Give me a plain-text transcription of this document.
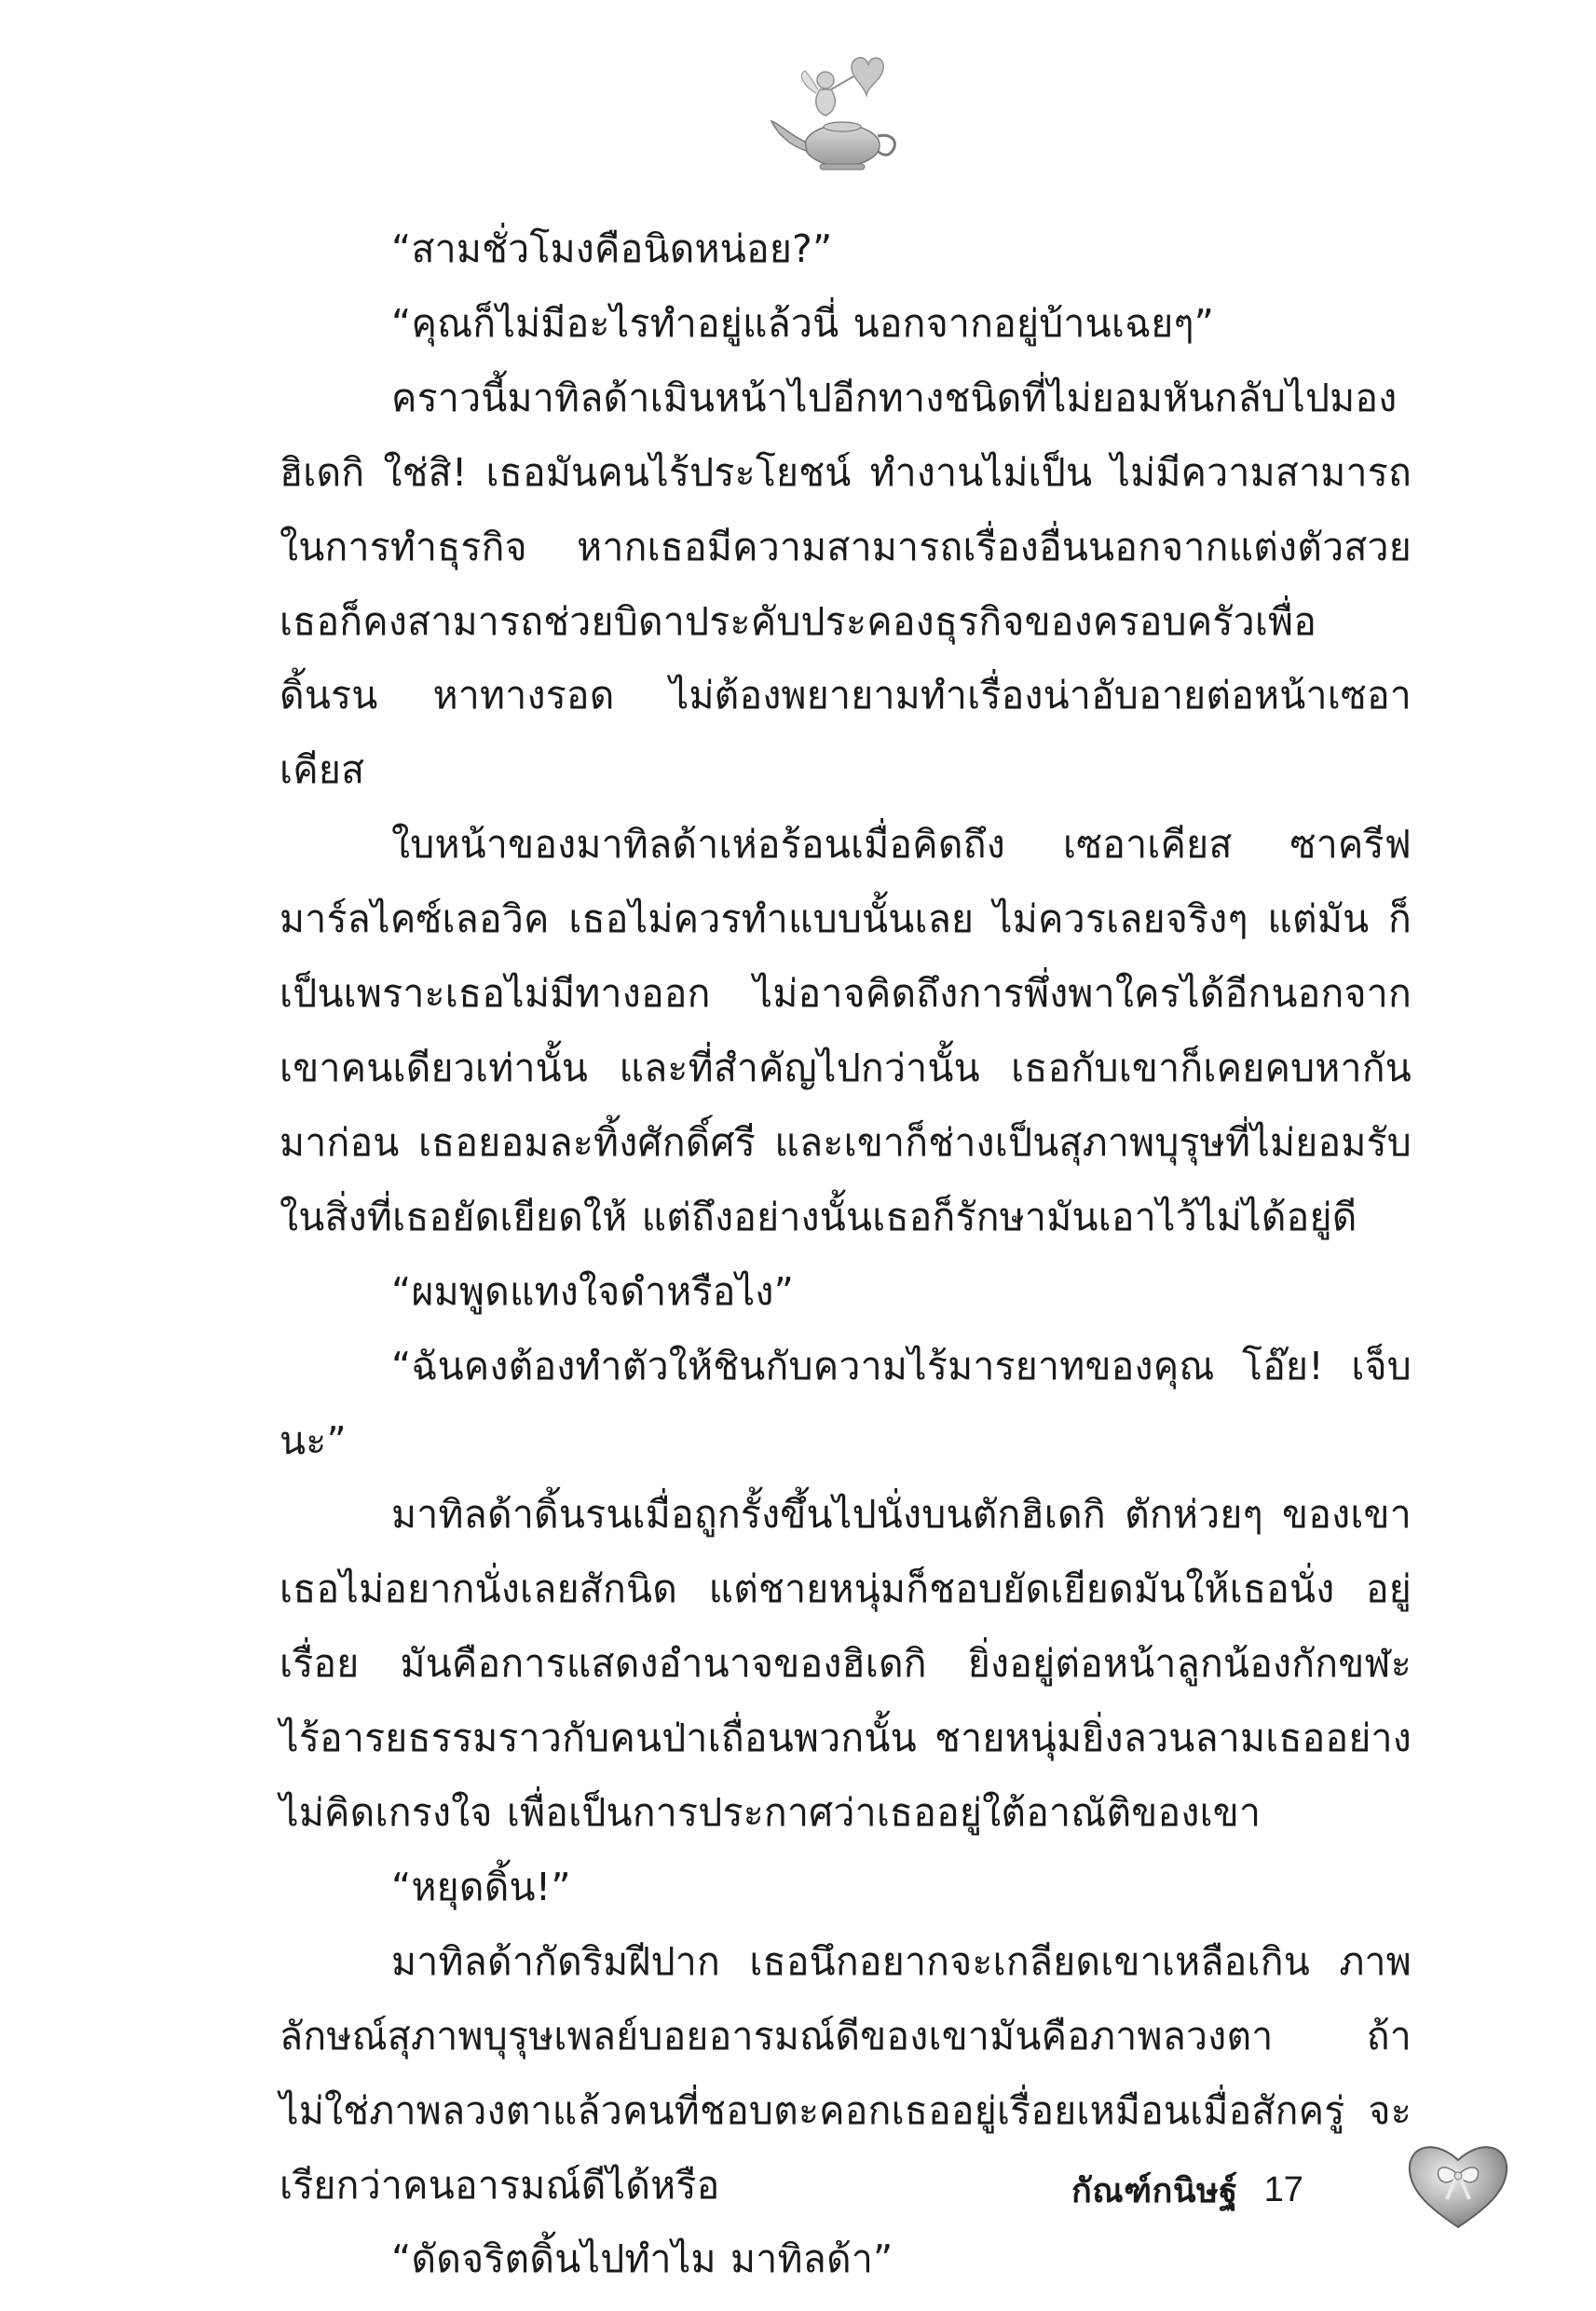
“สามชั่วโมงคือนิดหน่อย?”

“คุณก็ไม่มีอะไรทำอยู่แล้วนี่ นอกจากอยู่บ้านเฉยๆ”

คราวนี้มาทิลด้าเมินหน้าไปอีกทางชนิดที่ไม่ยอมหันกลับไปมอง ฮิเดกิ ใช่สิ! เธอมันคนไร้ประโยชน์ ทำงานไม่เป็น ไม่มีความสามารถในการทำธุรกิจ หากเธอมีความสามารถเรื่องอื่นนอกจากแต่งตัวสวย เธอก็คงสามารถช่วยบิดาประคับประคองธุรกิจของครอบครัวเพื่อดิ้นรน หาทางรอด ไม่ต้องพยายามทำเรื่องน่าอับอายต่อหน้าเซอาเคียส

ใบหน้าของมาทิลด้าเห่อร้อนเมื่อคิดถึง เซอาเคียส ซาครีฟ มาร์ลไคซ์เลอวิค เธอไม่ควรทำแบบนั้นเลย ไม่ควรเลยจริงๆ แต่มัน ก็เป็นเพราะเธอไม่มีทางออก ไม่อาจคิดถึงการพึ่งพาใครได้อีกนอกจาก เขาคนเดียวเท่านั้น และที่สำคัญไปกว่านั้น เธอกับเขาก็เคยคบหากัน มาก่อน เธอยอมละทิ้งศักดิ์ศรี และเขาก็ช่างเป็นสุภาพบุรุษที่ไม่ยอมรับ ในสิ่งที่เธอยัดเยียดให้ แต่ถึงอย่างนั้นเธอก็รักษามันเอาไว้ไม่ได้อยู่ดี

“ผมพูดแทงใจดำหรือไง”

“ฉันคงต้องทำตัวให้ชินกับความไร้มารยาทของคุณ โอ๊ย! เจ็บนะ”

มาทิลด้าดิ้นรนเมื่อถูกรั้งขึ้นไปนั่งบนตักฮิเดกิ ตักห่วยๆ ของเขา เธอไม่อยากนั่งเลยสักนิด แต่ชายหนุ่มก็ชอบยัดเยียดมันให้เธอนั่ง อยู่เรื่อย มันคือการแสดงอำนาจของฮิเดกิ ยิ่งอยู่ต่อหน้าลูกน้องกักขฬะ ไร้อารยธรรมราวกับคนป่าเถื่อนพวกนั้น ชายหนุ่มยิ่งลวนลามเธออย่าง ไม่คิดเกรงใจ เพื่อเป็นการประกาศว่าเธออยู่ใต้อาณัติของเขา

“หยุดดิ้น!”

มาทิลด้ากัดริมฝีปาก เธอนึกอยากจะเกลียดเขาเหลือเกิน ภาพลักษณ์สุภาพบุรุษเพลย์บอยอารมณ์ดีของเขามันคือภาพลวงตา ถ้าไม่ใช่ภาพลวงตาแล้วคนที่ชอบตะคอกเธออยู่เรื่อยเหมือนเมื่อสักครู่ จะเรียกว่าคนอารมณ์ดีได้หรือ

“ดัดจริตดิ้นไปทำไม มาทิลด้า”

กัณฑ์กนิษฐ์ 17
